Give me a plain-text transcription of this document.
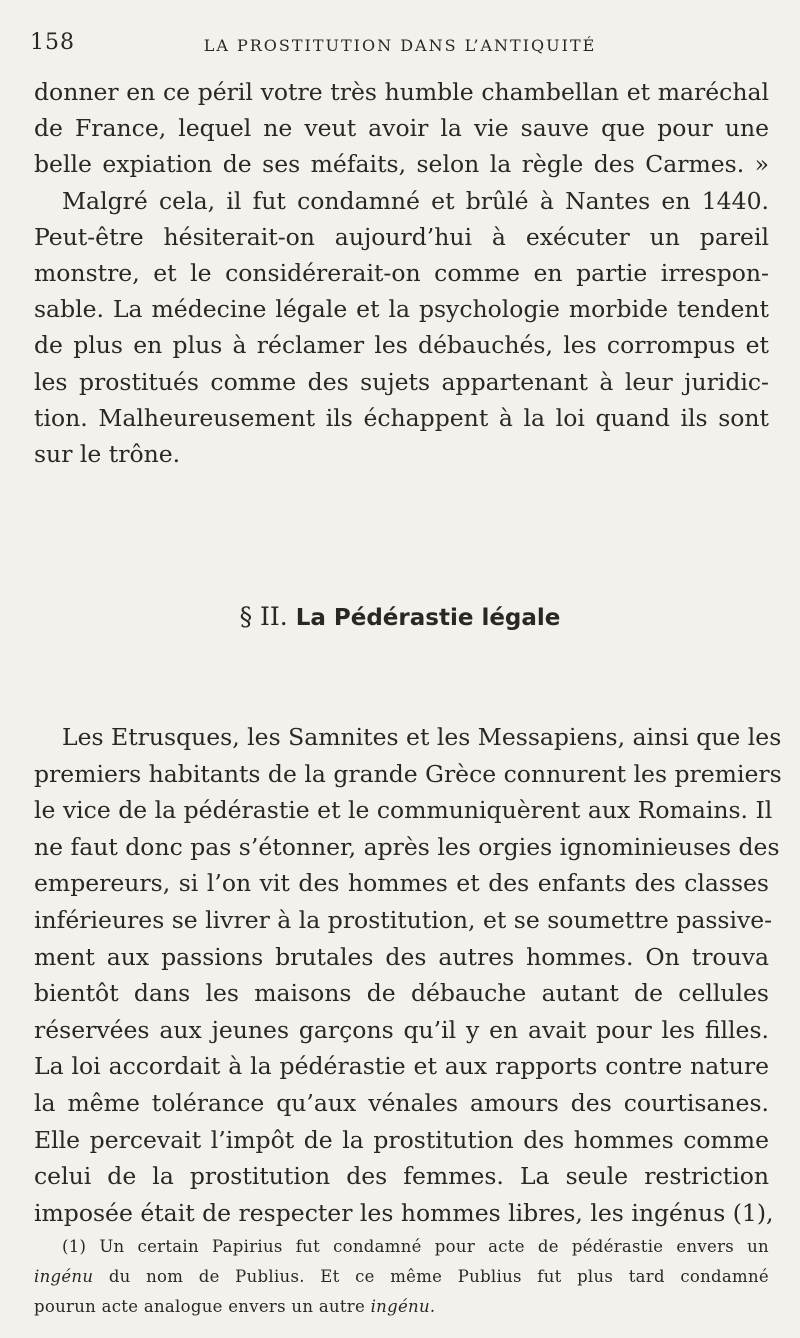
158	LA PROSTITUTION DANS L’ANTIQUITÉ

donner en ce péril votre très humble chambellan et maréchal
de France, lequel ne veut avoir la vie sauve que pour une
belle expiation de ses méfaits, selon la règle des Carmes. »
Malgré cela, il fut condamné et brûlé à Nantes en 1440.
Peut-être hésiterait-on aujourd’hui à exécuter un pareil
monstre, et le considérerait-on comme en partie irrespon-
sable. La médecine légale et la psychologie morbide tendent
de plus en plus à réclamer les débauchés, les corrompus et
les prostitués comme des sujets appartenant à leur juridic-
tion. Malheureusement ils échappent à la loi quand ils sont
sur le trône.

§ II. La Pédérastie légale

Les Etrusques, les Samnites et les Messapiens, ainsi que les
premiers habitants de la grande Grèce connurent les premiers
le vice de la pédérastie et le communiquèrent aux Romains. Il
ne faut donc pas s’étonner, après les orgies ignominieuses des
empereurs, si l’on vit des hommes et des enfants des classes
inférieures se livrer à la prostitution, et se soumettre passive-
ment aux passions brutales des autres hommes. On trouva
bientôt dans les maisons de débauche autant de cellules
réservées aux jeunes garçons qu’il y en avait pour les filles.
La loi accordait à la pédérastie et aux rapports contre nature
la même tolérance qu’aux vénales amours des courtisanes.
Elle percevait l’impôt de la prostitution des hommes comme
celui de la prostitution des femmes. La seule restriction
imposée était de respecter les hommes libres, les ingénus (1),

(1) Un certain Papirius fut condamné pour acte de pédérastie envers un
ingénu du nom de Publius. Et ce même Publius fut plus tard condamné
pourun acte analogue envers un autre ingénu.
